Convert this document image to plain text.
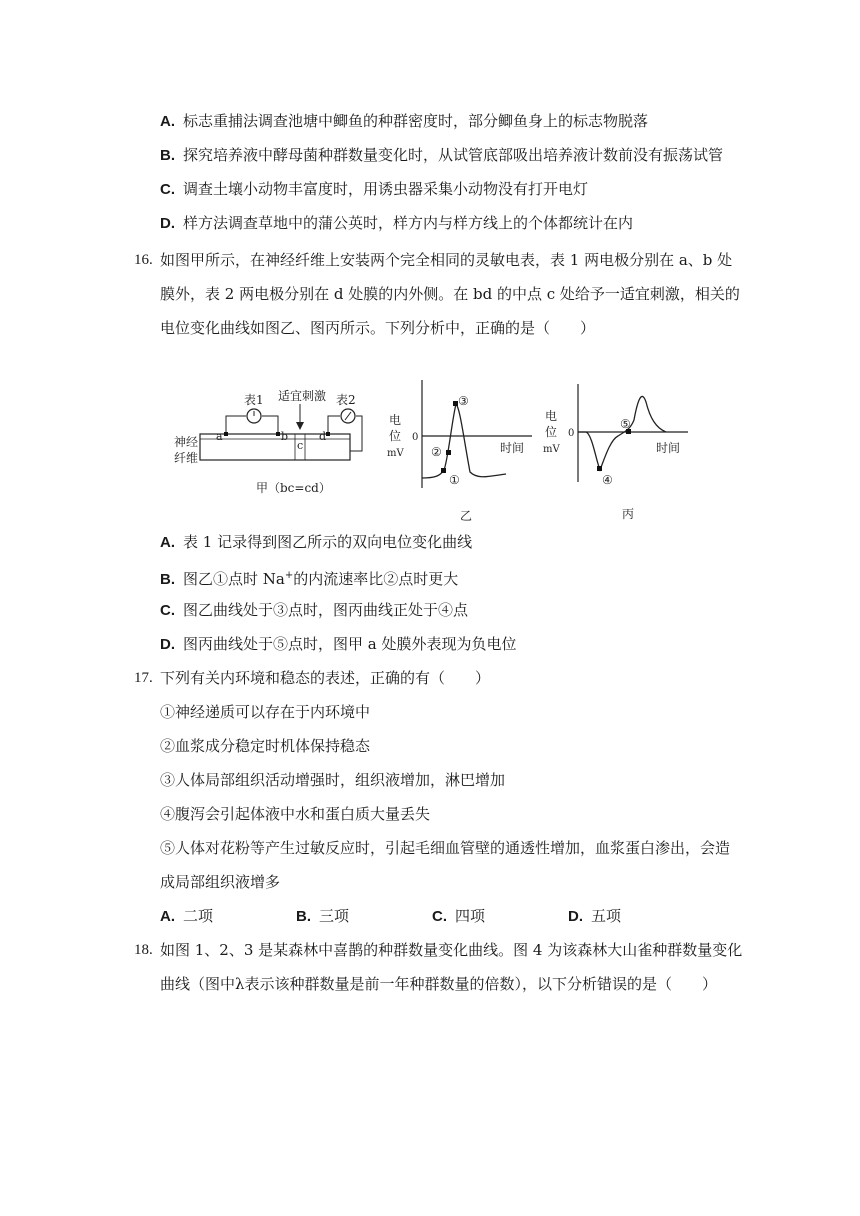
A. 标志重捕法调查池塘中鲫鱼的种群密度时，部分鲫鱼身上的标志物脱落
B. 探究培养液中酵母菌种群数量变化时，从试管底部吸出培养液计数前没有振荡试管
C. 调查土壤小动物丰富度时，用诱虫器采集小动物没有打开电灯
D. 样方法调查草地中的蒲公英时，样方内与样方线上的个体都统计在内
16. 如图甲所示，在神经纤维上安装两个完全相同的灵敏电表，表 1 两电极分别在 a、b 处
膜外，表 2 两电极分别在 d 处膜的内外侧。在 bd 的中点 c 处给予一适宜刺激，相关的
电位变化曲线如图乙、图丙所示。下列分析中，正确的是（　　）
适宜刺激
表1	表2
a	b
c
d
神经
纤维
甲（bc=cd）
①
②
③
电
位
mV
0
时间
乙
④
⑤
电
位
mV
0
时间
丙
A. 表 1 记录得到图乙所示的双向电位变化曲线
B. 图乙①点时 Na+的内流速率比②点时更大
C. 图乙曲线处于③点时，图丙曲线正处于④点
D. 图丙曲线处于⑤点时，图甲 a 处膜外表现为负电位
17. 下列有关内环境和稳态的表述，正确的有（　　）
①神经递质可以存在于内环境中
②血浆成分稳定时机体保持稳态
③人体局部组织活动增强时，组织液增加，淋巴增加
④腹泻会引起体液中水和蛋白质大量丢失
⑤人体对花粉等产生过敏反应时，引起毛细血管壁的通透性增加，血浆蛋白渗出，会造
成局部组织液增多
A. 二项	B. 三项	C. 四项	D. 五项
18. 如图 1、2、3 是某森林中喜鹊的种群数量变化曲线。图 4 为该森林大山雀种群数量变化
曲线（图中λ表示该种群数量是前一年种群数量的倍数），以下分析错误的是（　　）
